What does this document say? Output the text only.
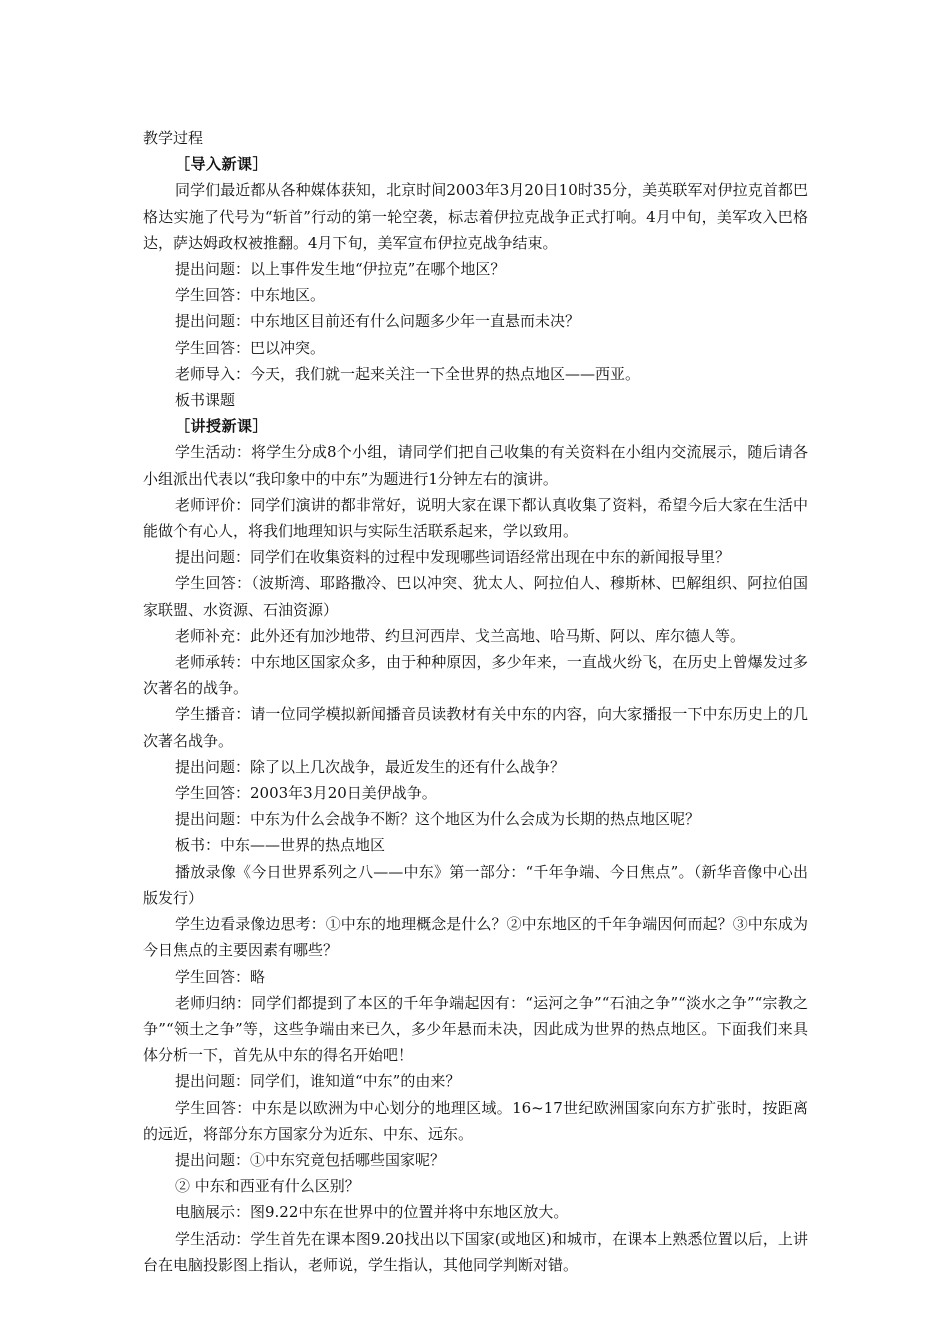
教学过程

［导入新课］

同学们最近都从各种媒体获知，北京时间2003年3月20日10时35分，美英联军对伊拉克首都巴格达实施了代号为“斩首”行动的第一轮空袭，标志着伊拉克战争正式打响。4月中旬，美军攻入巴格达，萨达姆政权被推翻。4月下旬，美军宣布伊拉克战争结束。

提出问题：以上事件发生地“伊拉克”在哪个地区？

学生回答：中东地区。

提出问题：中东地区目前还有什么问题多少年一直悬而未决？

学生回答：巴以冲突。

老师导入：今天，我们就一起来关注一下全世界的热点地区——西亚。

板书课题

［讲授新课］

学生活动：将学生分成8个小组，请同学们把自己收集的有关资料在小组内交流展示，随后请各小组派出代表以“我印象中的中东”为题进行1分钟左右的演讲。

老师评价：同学们演讲的都非常好，说明大家在课下都认真收集了资料，希望今后大家在生活中能做个有心人，将我们地理知识与实际生活联系起来，学以致用。

提出问题：同学们在收集资料的过程中发现哪些词语经常出现在中东的新闻报导里？

学生回答：（波斯湾、耶路撒冷、巴以冲突、犹太人、阿拉伯人、穆斯林、巴解组织、阿拉伯国家联盟、水资源、石油资源）

老师补充：此外还有加沙地带、约旦河西岸、戈兰高地、哈马斯、阿以、库尔德人等。

老师承转：中东地区国家众多，由于种种原因，多少年来，一直战火纷飞，在历史上曾爆发过多次著名的战争。

学生播音：请一位同学模拟新闻播音员读教材有关中东的内容，向大家播报一下中东历史上的几次著名战争。

提出问题：除了以上几次战争，最近发生的还有什么战争？

学生回答：2003年3月20日美伊战争。

提出问题：中东为什么会战争不断？这个地区为什么会成为长期的热点地区呢？

板书：中东——世界的热点地区

播放录像《今日世界系列之八——中东》第一部分：“千年争端、今日焦点”。（新华音像中心出版发行）

学生边看录像边思考：①中东的地理概念是什么？②中东地区的千年争端因何而起？③中东成为今日焦点的主要因素有哪些？

学生回答：略

老师归纳：同学们都提到了本区的千年争端起因有：“运河之争”“石油之争”“淡水之争”“宗教之争”“领土之争”等，这些争端由来已久，多少年悬而未决，因此成为世界的热点地区。下面我们来具体分析一下，首先从中东的得名开始吧！

提出问题：同学们，谁知道“中东”的由来？

学生回答：中东是以欧洲为中心划分的地理区域。16~17世纪欧洲国家向东方扩张时，按距离的远近，将部分东方国家分为近东、中东、远东。

提出问题：①中东究竟包括哪些国家呢？

② 中东和西亚有什么区别？

电脑展示：图9.22中东在世界中的位置并将中东地区放大。

学生活动：学生首先在课本图9.20找出以下国家(或地区)和城市，在课本上熟悉位置以后，上讲台在电脑投影图上指认，老师说，学生指认，其他同学判断对错。
